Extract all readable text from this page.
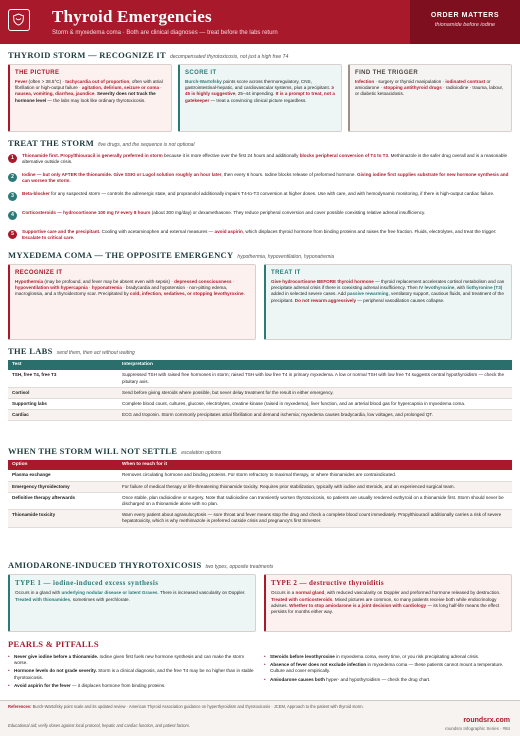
Thyroid Emergencies
Storm & myxedema coma · Both are clinical diagnoses — treat before the labs return
ORDER MATTERS
thionamide before iodine
THYROID STORM — RECOGNIZE IT decompensated thyrotoxicosis, not just a high free T4
THE PICTURE
Fever (often > 38.5°C) · tachycardia out of proportion, often with atrial fibrillation or high-output failure · agitation, delirium, seizure or coma · nausea, vomiting, diarrhea, jaundice. Severity does not track the hormone level — the labs may look like ordinary thyrotoxicosis.
SCORE IT
Burch-Wartofsky points score across thermoregulatory, CNS, gastrointestinal-hepatic, and cardiovascular systems, plus a precipitant. ≥ 45 is highly suggestive, 25–44 impending. It is a prompt to treat, not a gatekeeper — treat a convincing clinical picture regardless.
FIND THE TRIGGER
Infection · surgery or thyroid manipulation · iodinated contrast or amiodarone · stopping antithyroid drugs · radioiodine · trauma, labour, or diabetic ketoacidosis.
TREAT THE STORM five drugs, and the sequence is not optional
1	Thionamide first. Propylthiouracil is generally preferred in storm because it is more effective over the first 24 hours and additionally blocks peripheral conversion of T4 to T3. Methimazole is the safer drug overall and is a reasonable alternative outside crisis.
2	Iodine — but only AFTER the thionamide. Give SSKI or Lugol solution roughly an hour later, then every 6 hours. Iodine blocks release of preformed hormone. Giving iodine first supplies substrate for new hormone synthesis and can worsen the storm.
3	Beta-blocker for any suspected storm — controls the adrenergic state, and propranolol additionally impairs T4-to-T3 conversion at higher doses. Use with care, and with hemodynamic monitoring, if there is high-output cardiac failure.
4	Corticosteroids — hydrocortisone 100 mg IV every 8 hours (about 300 mg/day) or dexamethasone. They reduce peripheral conversion and cover possible coexisting relative adrenal insufficiency.
5	Supportive care and the precipitant. Cooling with acetaminophen and external measures — avoid aspirin, which displaces thyroid hormone from binding proteins and raises the free fraction. Fluids, electrolytes, and treat the trigger: Escalate to critical care.
MYXEDEMA COMA — THE OPPOSITE EMERGENCY hypothermia, hypoventilation, hyponatremia
RECOGNIZE IT
Hypothermia (may be profound, and fever may be absent even with sepsis) · depressed consciousness · hypoventilation with hypercapnia · hyponatremia · bradycardia and hypotension · non-pitting edema, macroglossia, and a thyroidectomy scar. Precipitated by cold, infection, sedatives, or stopping levothyroxine.
TREAT IT
Give hydrocortisone BEFORE thyroid hormone — thyroid replacement accelerates cortisol metabolism and can precipitate adrenal crisis if there is coexisting adrenal insufficiency. Then IV levothyroxine, with liothyronine (T3) added in selected severe cases. Add passive rewarming, ventilatory support, cautious fluids, and treatment of the precipitant. Do not rewarm aggressively — peripheral vasodilation causes collapse.
THE LABS send them, then act without waiting
Test	Interpretation
TSH, free T4, free T3	Suppressed TSH with raised free hormones in storm; raised TSH with low free T4 in primary myxedema. A low or normal TSH with low free T4 suggests central hypothyroidism — check the pituitary axis.
Cortisol	Send before giving steroids where possible, but never delay treatment for the result in either emergency.
Supporting labs	Complete blood count, cultures, glucose, electrolytes, creatine kinase (raised in myxedema), liver function, and an arterial blood gas for hypercapnia in myxedema coma.
Cardiac	ECG and troponin. Storm commonly precipitates atrial fibrillation and demand ischemia; myxedema causes bradycardia, low voltages, and prolonged QT.
WHEN THE STORM WILL NOT SETTLE escalation options
Option	When to reach for it
Plasma exchange	Removes circulating hormone and binding proteins. For storm refractory to maximal therapy, or where thionamides are contraindicated.
Emergency thyroidectomy	For failure of medical therapy or life-threatening thionamide toxicity. Requires prior stabilization, typically with iodine and steroids, and an experienced surgical team.
Definitive therapy afterwards	Once stable, plan radioiodine or surgery. Note that radioiodine can transiently worsen thyrotoxicosis, so patients are usually rendered euthyroid on a thionamide first. Storm should never be discharged on a thionamide alone with no plan.
Thionamide toxicity	Warn every patient about agranulocytosis — sore throat and fever means stop the drug and check a complete blood count immediately. Propylthiouracil additionally carries a risk of severe hepatotoxicity, which is why methimazole is preferred outside crisis and pregnancy's first trimester.
AMIODARONE-INDUCED THYROTOXICOSIS two types, opposite treatments
TYPE 1 — iodine-induced excess synthesis
Occurs in a gland with underlying nodular disease or latent Graves. There is increased vascularity on Doppler. Treated with thionamides, sometimes with perchlorate.
TYPE 2 — destructive thyroiditis
Occurs in a normal gland, with reduced vascularity on Doppler and preformed hormone released by destruction. Treated with corticosteroids. Mixed pictures are common, so many patients receive both while endocrinology advises. Whether to stop amiodarone is a joint decision with cardiology — its long half-life means the effect persists for months either way.
PEARLS & PITFALLS
• Never give iodine before a thionamide. Iodine given first fuels new hormone synthesis and can make the storm worse.
• Hormone levels do not grade severity. Storm is a clinical diagnosis, and the free T4 may be no higher than in stable thyrotoxicosis.
• Avoid aspirin for the fever — it displaces hormone from binding proteins.
• Steroids before levothyroxine in myxedema coma, every time, or you risk precipitating adrenal crisis.
• Absence of fever does not exclude infection in myxedema coma — these patients cannot mount a temperature. Culture and cover empirically.
• Amiodarone causes both hyper- and hypothyroidism — check the drug chart.
References: Burch-Wartofsky point scale and its updated review · American Thyroid Association guidance on hyperthyroidism and thyrotoxicosis · JCEM, Approach to the patient with thyroid storm.
Educational aid; verify doses against local protocol, hepatic and cardiac function, and patient factors.
roundsrx.com
roundsrx Infographic Series · #84
